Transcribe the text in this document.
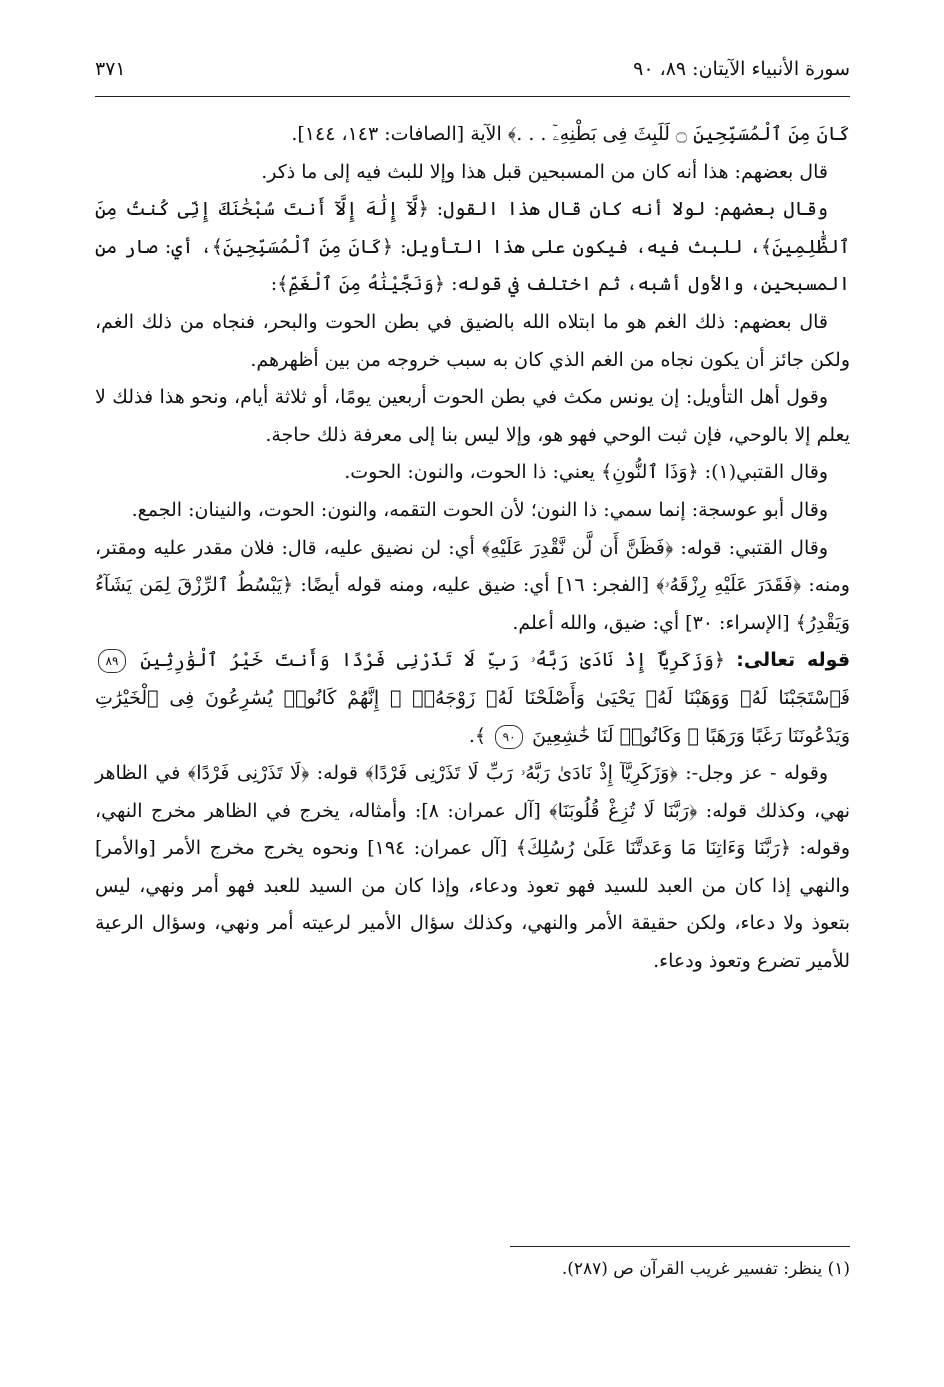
سورة الأنبياء الآيتان: ٨٩، ٩٠
٣٧١

كَانَ مِنَ ٱلْمُسَبِّحِينَ ۝ لَلَبِثَ فِى بَطْنِهِۦٓ . . .﴾ الآية [الصافات: ١٤٣، ١٤٤].

قال بعضهم: هذا أنه كان من المسبحين قبل هذا وإلا للبث فيه إلى ما ذكر.

وقال بعضهم: لولا أنه كان قال هذا القول: ﴿لَّآ إِلَٰهَ إِلَّآ أَنتَ سُبْحَٰنَكَ إِنِّى كُنتُ مِنَ ٱلظَّٰلِمِينَ﴾، للبث فيه، فيكون على هذا التأويل: ﴿كَانَ مِنَ ٱلْمُسَبِّحِينَ﴾، أي: صار من المسبحين، والأول أشبه، ثم اختلف في قوله: ﴿وَنَجَّيْنَٰهُ مِنَ ٱلْغَمِّ﴾:

قال بعضهم: ذلك الغم هو ما ابتلاه الله بالضيق في بطن الحوت والبحر، فنجاه من ذلك الغم، ولكن جائز أن يكون نجاه من الغم الذي كان به سبب خروجه من بين أظهرهم.

وقول أهل التأويل: إن يونس مكث في بطن الحوت أربعين يومًا، أو ثلاثة أيام، ونحو هذا فذلك لا يعلم إلا بالوحي، فإن ثبت الوحي فهو هو، وإلا ليس بنا إلى معرفة ذلك حاجة.

وقال القتبي(١): ﴿وَذَا ٱلنُّونِ﴾ يعني: ذا الحوت، والنون: الحوت.

وقال أبو عوسجة: إنما سمي: ذا النون؛ لأن الحوت التقمه، والنون: الحوت، والنينان: الجمع.

وقال القتبي: قوله: ﴿فَظَنَّ أَن لَّن نَّقْدِرَ عَلَيْهِ﴾ أي: لن نضيق عليه، قال: فلان مقدر عليه ومقتر، ومنه: ﴿فَقَدَرَ عَلَيْهِ رِزْقَهُۥ﴾ [الفجر: ١٦] أي: ضيق عليه، ومنه قوله أيضًا: ﴿يَبْسُطُ ٱلرِّزْقَ لِمَن يَشَآءُ وَيَقْدِرُ﴾ [الإسراء: ٣٠] أي: ضيق، والله أعلم.

قوله تعالى: ﴿وَزَكَرِيَّآ إِذْ نَادَىٰ رَبَّهُۥ رَبِّ لَا تَذَرْنِى فَرْدًا وَأَنتَ خَيْرُ ٱلْوَٰرِثِينَ ٨٩ فَٱسْتَجَبْنَا لَهُۥ وَوَهَبْنَا لَهُۥ يَحْيَىٰ وَأَصْلَحْنَا لَهُۥ زَوْجَهُۥٓ ۚ إِنَّهُمْ كَانُوا۟ يُسَٰرِعُونَ فِى ٱلْخَيْرَٰتِ وَيَدْعُونَنَا رَغَبًا وَرَهَبًا ۖ وَكَانُوا۟ لَنَا خَٰشِعِينَ ٩٠ ﴾.

وقوله - عز وجل-: ﴿وَزَكَرِيَّآ إِذْ نَادَىٰ رَبَّهُۥ رَبِّ لَا تَذَرْنِى فَرْدًا﴾ قوله: ﴿لَا تَذَرْنِى فَرْدًا﴾ في الظاهر نهي، وكذلك قوله: ﴿رَبَّنَا لَا تُزِغْ قُلُوبَنَا﴾ [آل عمران: ٨]: وأمثاله، يخرج في الظاهر مخرج النهي، وقوله: ﴿رَبَّنَا وَءَاتِنَا مَا وَعَدتَّنَا عَلَىٰ رُسُلِكَ﴾ [آل عمران: ١٩٤] ونحوه يخرج مخرج الأمر [والأمر] والنهي إذا كان من العبد للسيد فهو تعوذ ودعاء، وإذا كان من السيد للعبد فهو أمر ونهي، ليس بتعوذ ولا دعاء، ولكن حقيقة الأمر والنهي، وكذلك سؤال الأمير لرعيته أمر ونهي، وسؤال الرعية للأمير تضرع وتعوذ ودعاء.

(١) ينظر: تفسير غريب القرآن ص (٢٨٧).
